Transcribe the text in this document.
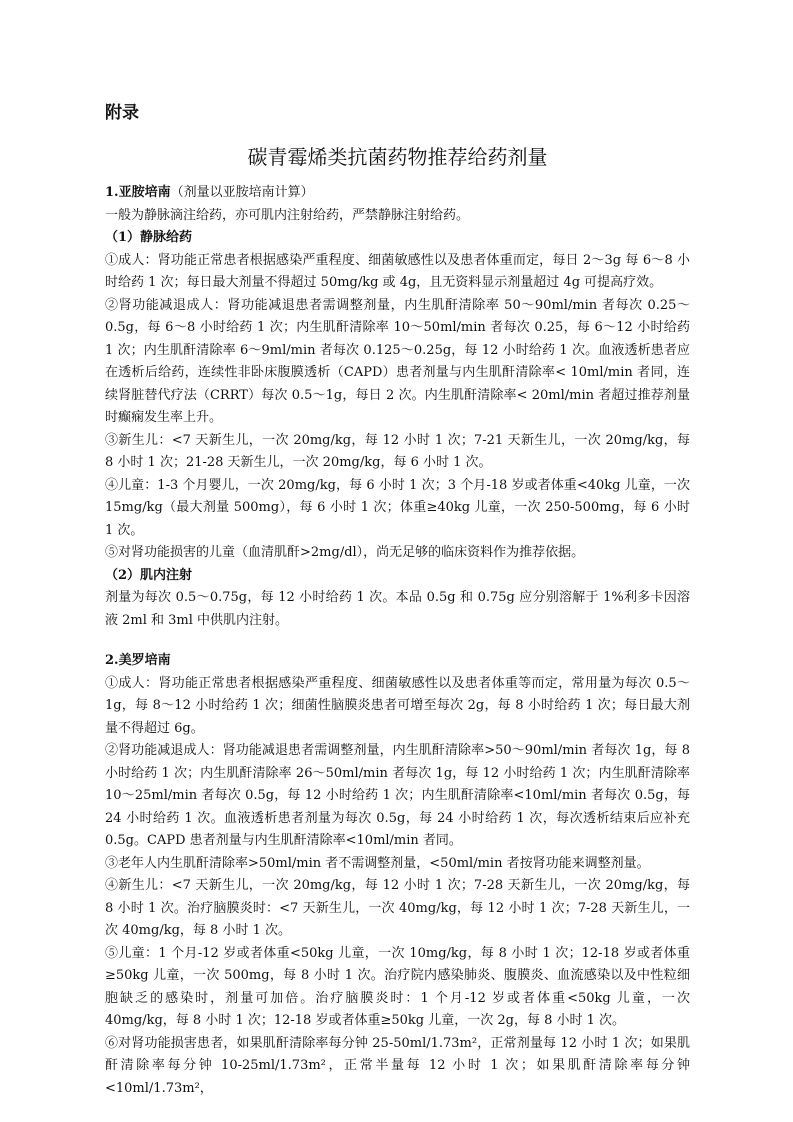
附录
碳青霉烯类抗菌药物推荐给药剂量
1.亚胺培南（剂量以亚胺培南计算）

一般为静脉滴注给药，亦可肌内注射给药，严禁静脉注射给药。

（1）静脉给药

①成人：肾功能正常患者根据感染严重程度、细菌敏感性以及患者体重而定，每日 2～3g 每 6～8 小时给药 1 次；每日最大剂量不得超过 50mg/kg 或 4g，且无资料显示剂量超过 4g 可提高疗效。

②肾功能减退成人：肾功能减退患者需调整剂量，内生肌酐清除率 50～90ml/min 者每次 0.25～0.5g，每 6～8 小时给药 1 次；内生肌酐清除率 10～50ml/min 者每次 0.25，每 6～12 小时给药 1 次；内生肌酐清除率 6～9ml/min 者每次 0.125～0.25g，每 12 小时给药 1 次。血液透析患者应在透析后给药，连续性非卧床腹膜透析（CAPD）患者剂量与内生肌酐清除率< 10ml/min 者同，连续肾脏替代疗法（CRRT）每次 0.5～1g，每日 2 次。内生肌酐清除率< 20ml/min 者超过推荐剂量时癫痫发生率上升。

③新生儿：<7 天新生儿，一次 20mg/kg，每 12 小时 1 次；7-21 天新生儿，一次 20mg/kg，每 8 小时 1 次；21-28 天新生儿，一次 20mg/kg，每 6 小时 1 次。

④儿童：1-3 个月婴儿，一次 20mg/kg，每 6 小时 1 次；3 个月-18 岁或者体重<40kg 儿童，一次 15mg/kg（最大剂量 500mg），每 6 小时 1 次；体重≥40kg 儿童，一次 250-500mg，每 6 小时 1 次。

⑤对肾功能损害的儿童（血清肌酐>2mg/dl），尚无足够的临床资料作为推荐依据。

（2）肌内注射

剂量为每次 0.5～0.75g，每 12 小时给药 1 次。本品 0.5g 和 0.75g 应分别溶解于 1%利多卡因溶液 2ml 和 3ml 中供肌内注射。

2.美罗培南

①成人：肾功能正常患者根据感染严重程度、细菌敏感性以及患者体重等而定，常用量为每次 0.5～1g，每 8～12 小时给药 1 次；细菌性脑膜炎患者可增至每次 2g，每 8 小时给药 1 次；每日最大剂量不得超过 6g。

②肾功能减退成人：肾功能减退患者需调整剂量，内生肌酐清除率>50～90ml/min 者每次 1g，每 8 小时给药 1 次；内生肌酐清除率 26～50ml/min 者每次 1g，每 12 小时给药 1 次；内生肌酐清除率 10～25ml/min 者每次 0.5g，每 12 小时给药 1 次；内生肌酐清除率<10ml/min 者每次 0.5g，每 24 小时给药 1 次。血液透析患者剂量为每次 0.5g，每 24 小时给药 1 次，每次透析结束后应补充 0.5g。CAPD 患者剂量与内生肌酐清除率<10ml/min 者同。

③老年人内生肌酐清除率>50ml/min 者不需调整剂量，<50ml/min 者按肾功能来调整剂量。

④新生儿：<7 天新生儿，一次 20mg/kg，每 12 小时 1 次；7-28 天新生儿，一次 20mg/kg，每 8 小时 1 次。治疗脑膜炎时：<7 天新生儿，一次 40mg/kg，每 12 小时 1 次；7-28 天新生儿，一次 40mg/kg，每 8 小时 1 次。

⑤儿童：1 个月-12 岁或者体重<50kg 儿童，一次 10mg/kg，每 8 小时 1 次；12-18 岁或者体重≥50kg 儿童，一次 500mg，每 8 小时 1 次。治疗院内感染肺炎、腹膜炎、血流感染以及中性粒细胞缺乏的感染时，剂量可加倍。治疗脑膜炎时：1 个月-12 岁或者体重<50kg 儿童，一次 40mg/kg，每 8 小时 1 次；12-18 岁或者体重≥50kg 儿童，一次 2g，每 8 小时 1 次。

⑥对肾功能损害患者，如果肌酐清除率每分钟 25-50ml/1.73m²，正常剂量每 12 小时 1 次；如果肌酐清除率每分钟 10-25ml/1.73m²，正常半量每 12 小时 1 次；如果肌酐清除率每分钟<10ml/1.73m²，
